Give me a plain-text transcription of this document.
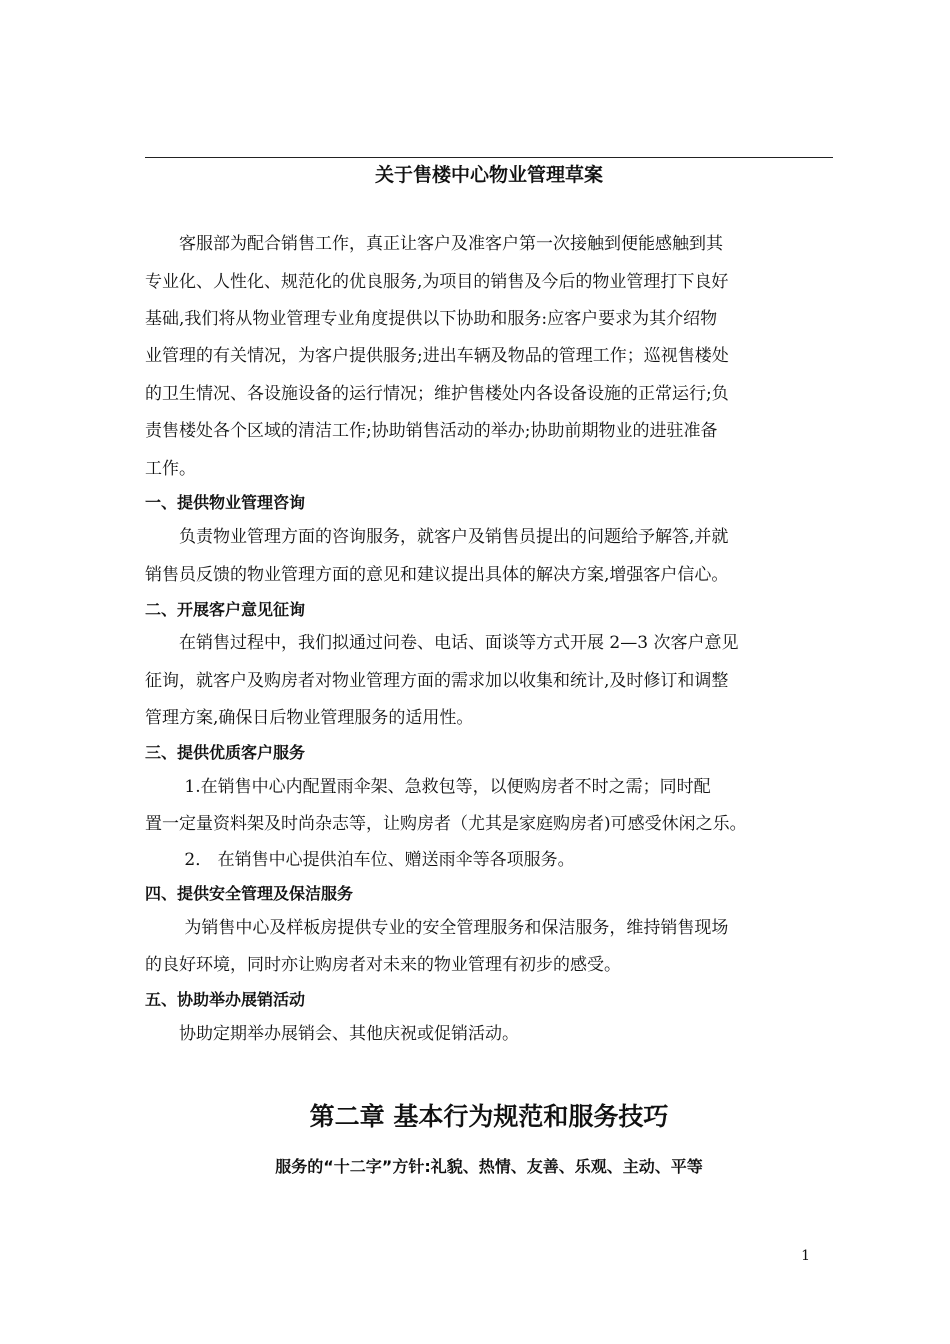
关于售楼中心物业管理草案
　　客服部为配合销售工作，真正让客户及准客户第一次接触到便能感触到其
专业化、人性化、规范化的优良服务,为项目的销售及今后的物业管理打下良好
基础,我们将从物业管理专业角度提供以下协助和服务:应客户要求为其介绍物
业管理的有关情况，为客户提供服务;进出车辆及物品的管理工作；巡视售楼处
的卫生情况、各设施设备的运行情况；维护售楼处内各设备设施的正常运行;负
责售楼处各个区域的清洁工作;协助销售活动的举办;协助前期物业的进驻准备
工作。
一、提供物业管理咨询
　　负责物业管理方面的咨询服务，就客户及销售员提出的问题给予解答,并就
销售员反馈的物业管理方面的意见和建议提出具体的解决方案,增强客户信心。
二、开展客户意见征询
　　在销售过程中，我们拟通过问卷、电话、面谈等方式开展 2—3 次客户意见
征询，就客户及购房者对物业管理方面的需求加以收集和统计,及时修订和调整
管理方案,确保日后物业管理服务的适用性。
三、提供优质客户服务
　　 1.在销售中心内配置雨伞架、急救包等，以便购房者不时之需；同时配
置一定量资料架及时尚杂志等，让购房者（尤其是家庭购房者)可感受休闲之乐。
　　 2． 在销售中心提供泊车位、赠送雨伞等各项服务。
四、提供安全管理及保洁服务
　　 为销售中心及样板房提供专业的安全管理服务和保洁服务，维持销售现场
的良好环境，同时亦让购房者对未来的物业管理有初步的感受。
五、协助举办展销活动
　　协助定期举办展销会、其他庆祝或促销活动。
第二章 基本行为规范和服务技巧
服务的“十二字”方针:礼貌、热情、友善、乐观、主动、平等
1
